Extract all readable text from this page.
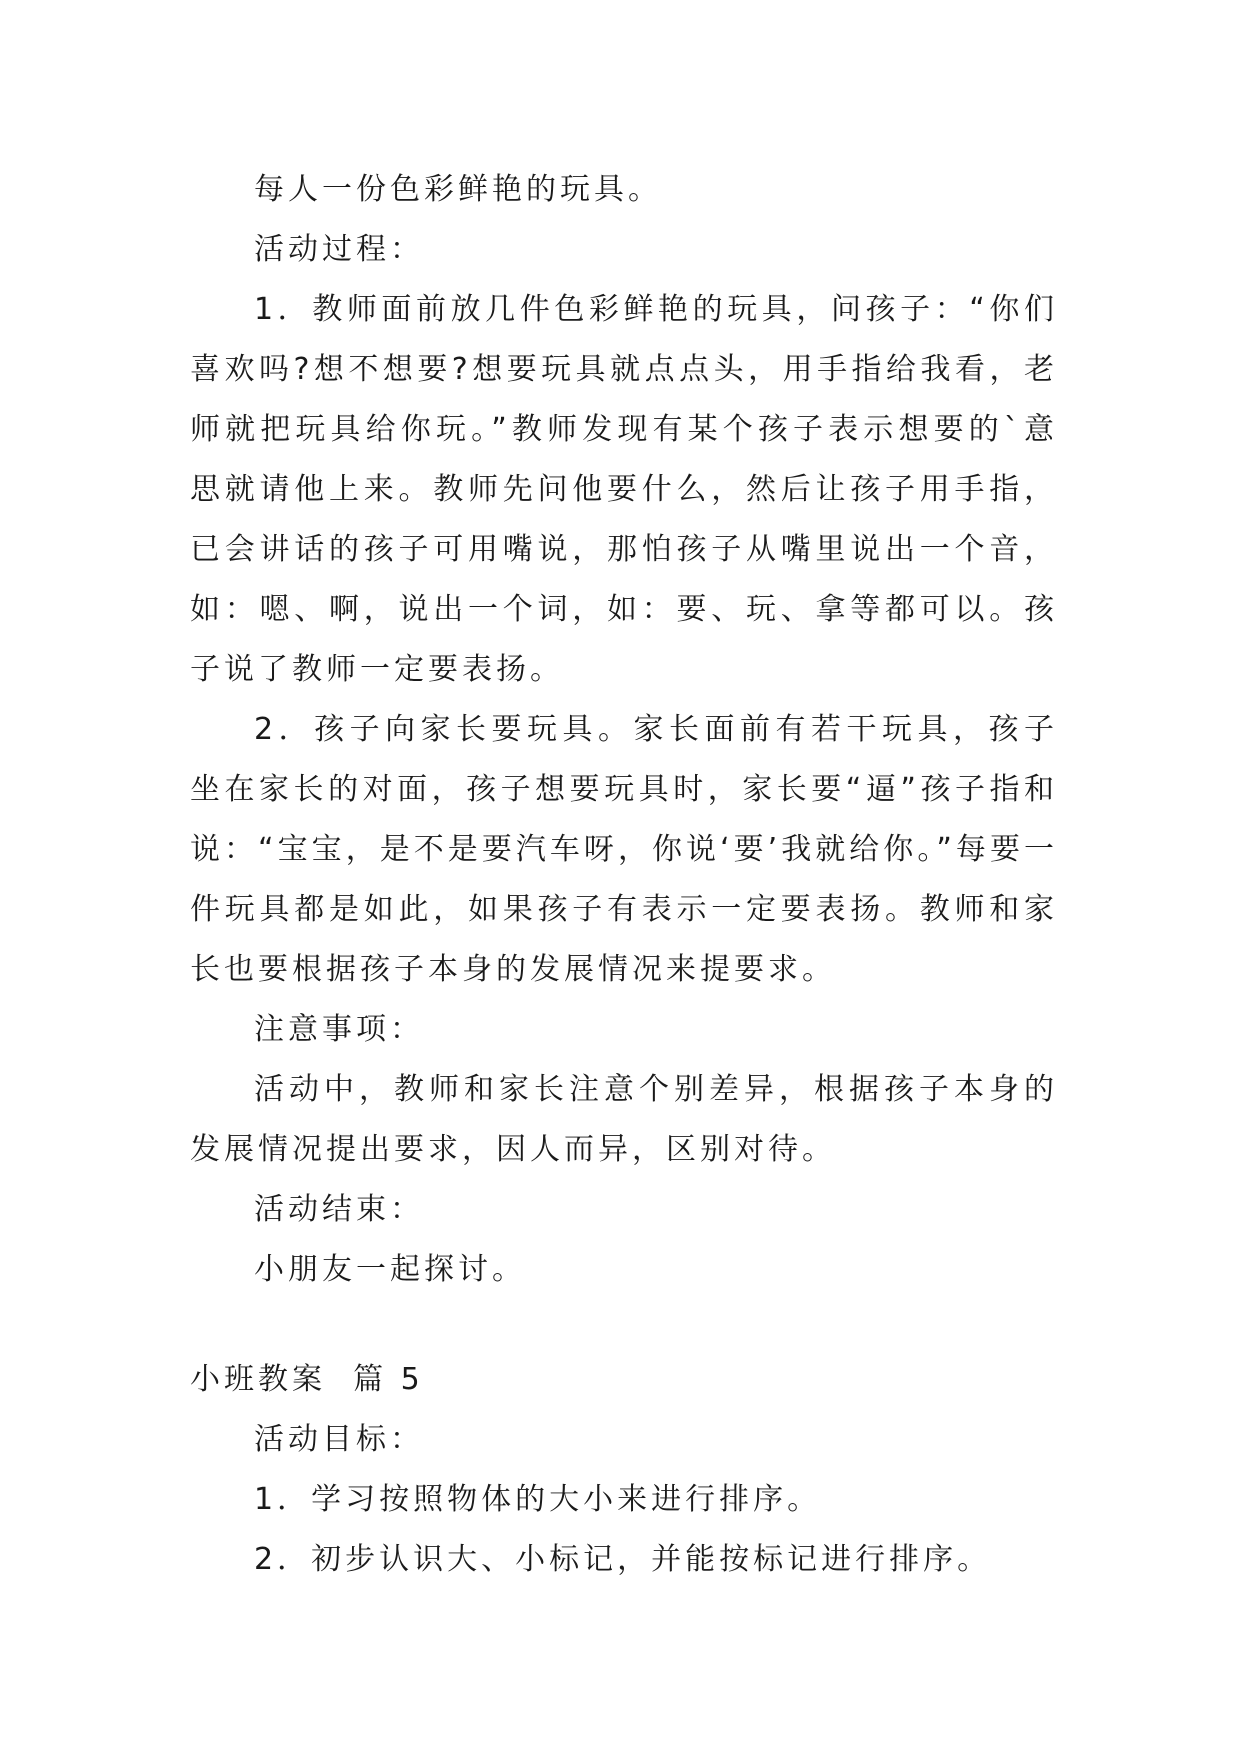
每人一份色彩鲜艳的玩具。

活动过程：

1．教师面前放几件色彩鲜艳的玩具，问孩子：“你们喜欢吗?想不想要?想要玩具就点点头，用手指给我看，老师就把玩具给你玩。”教师发现有某个孩子表示想要的`意思就请他上来。教师先问他要什么，然后让孩子用手指，已会讲话的孩子可用嘴说，那怕孩子从嘴里说出一个音，如：嗯、啊，说出一个词，如：要、玩、拿等都可以。孩子说了教师一定要表扬。

2．孩子向家长要玩具。家长面前有若干玩具，孩子坐在家长的对面，孩子想要玩具时，家长要“逼”孩子指和说：“宝宝，是不是要汽车呀，你说‘要’我就给你。”每要一件玩具都是如此，如果孩子有表示一定要表扬。教师和家长也要根据孩子本身的发展情况来提要求。

注意事项：

活动中，教师和家长注意个别差异，根据孩子本身的发展情况提出要求，因人而异，区别对待。

活动结束：

小朋友一起探讨。

小班教案  篇 5

活动目标：

1．学习按照物体的大小来进行排序。

2．初步认识大、小标记，并能按标记进行排序。
